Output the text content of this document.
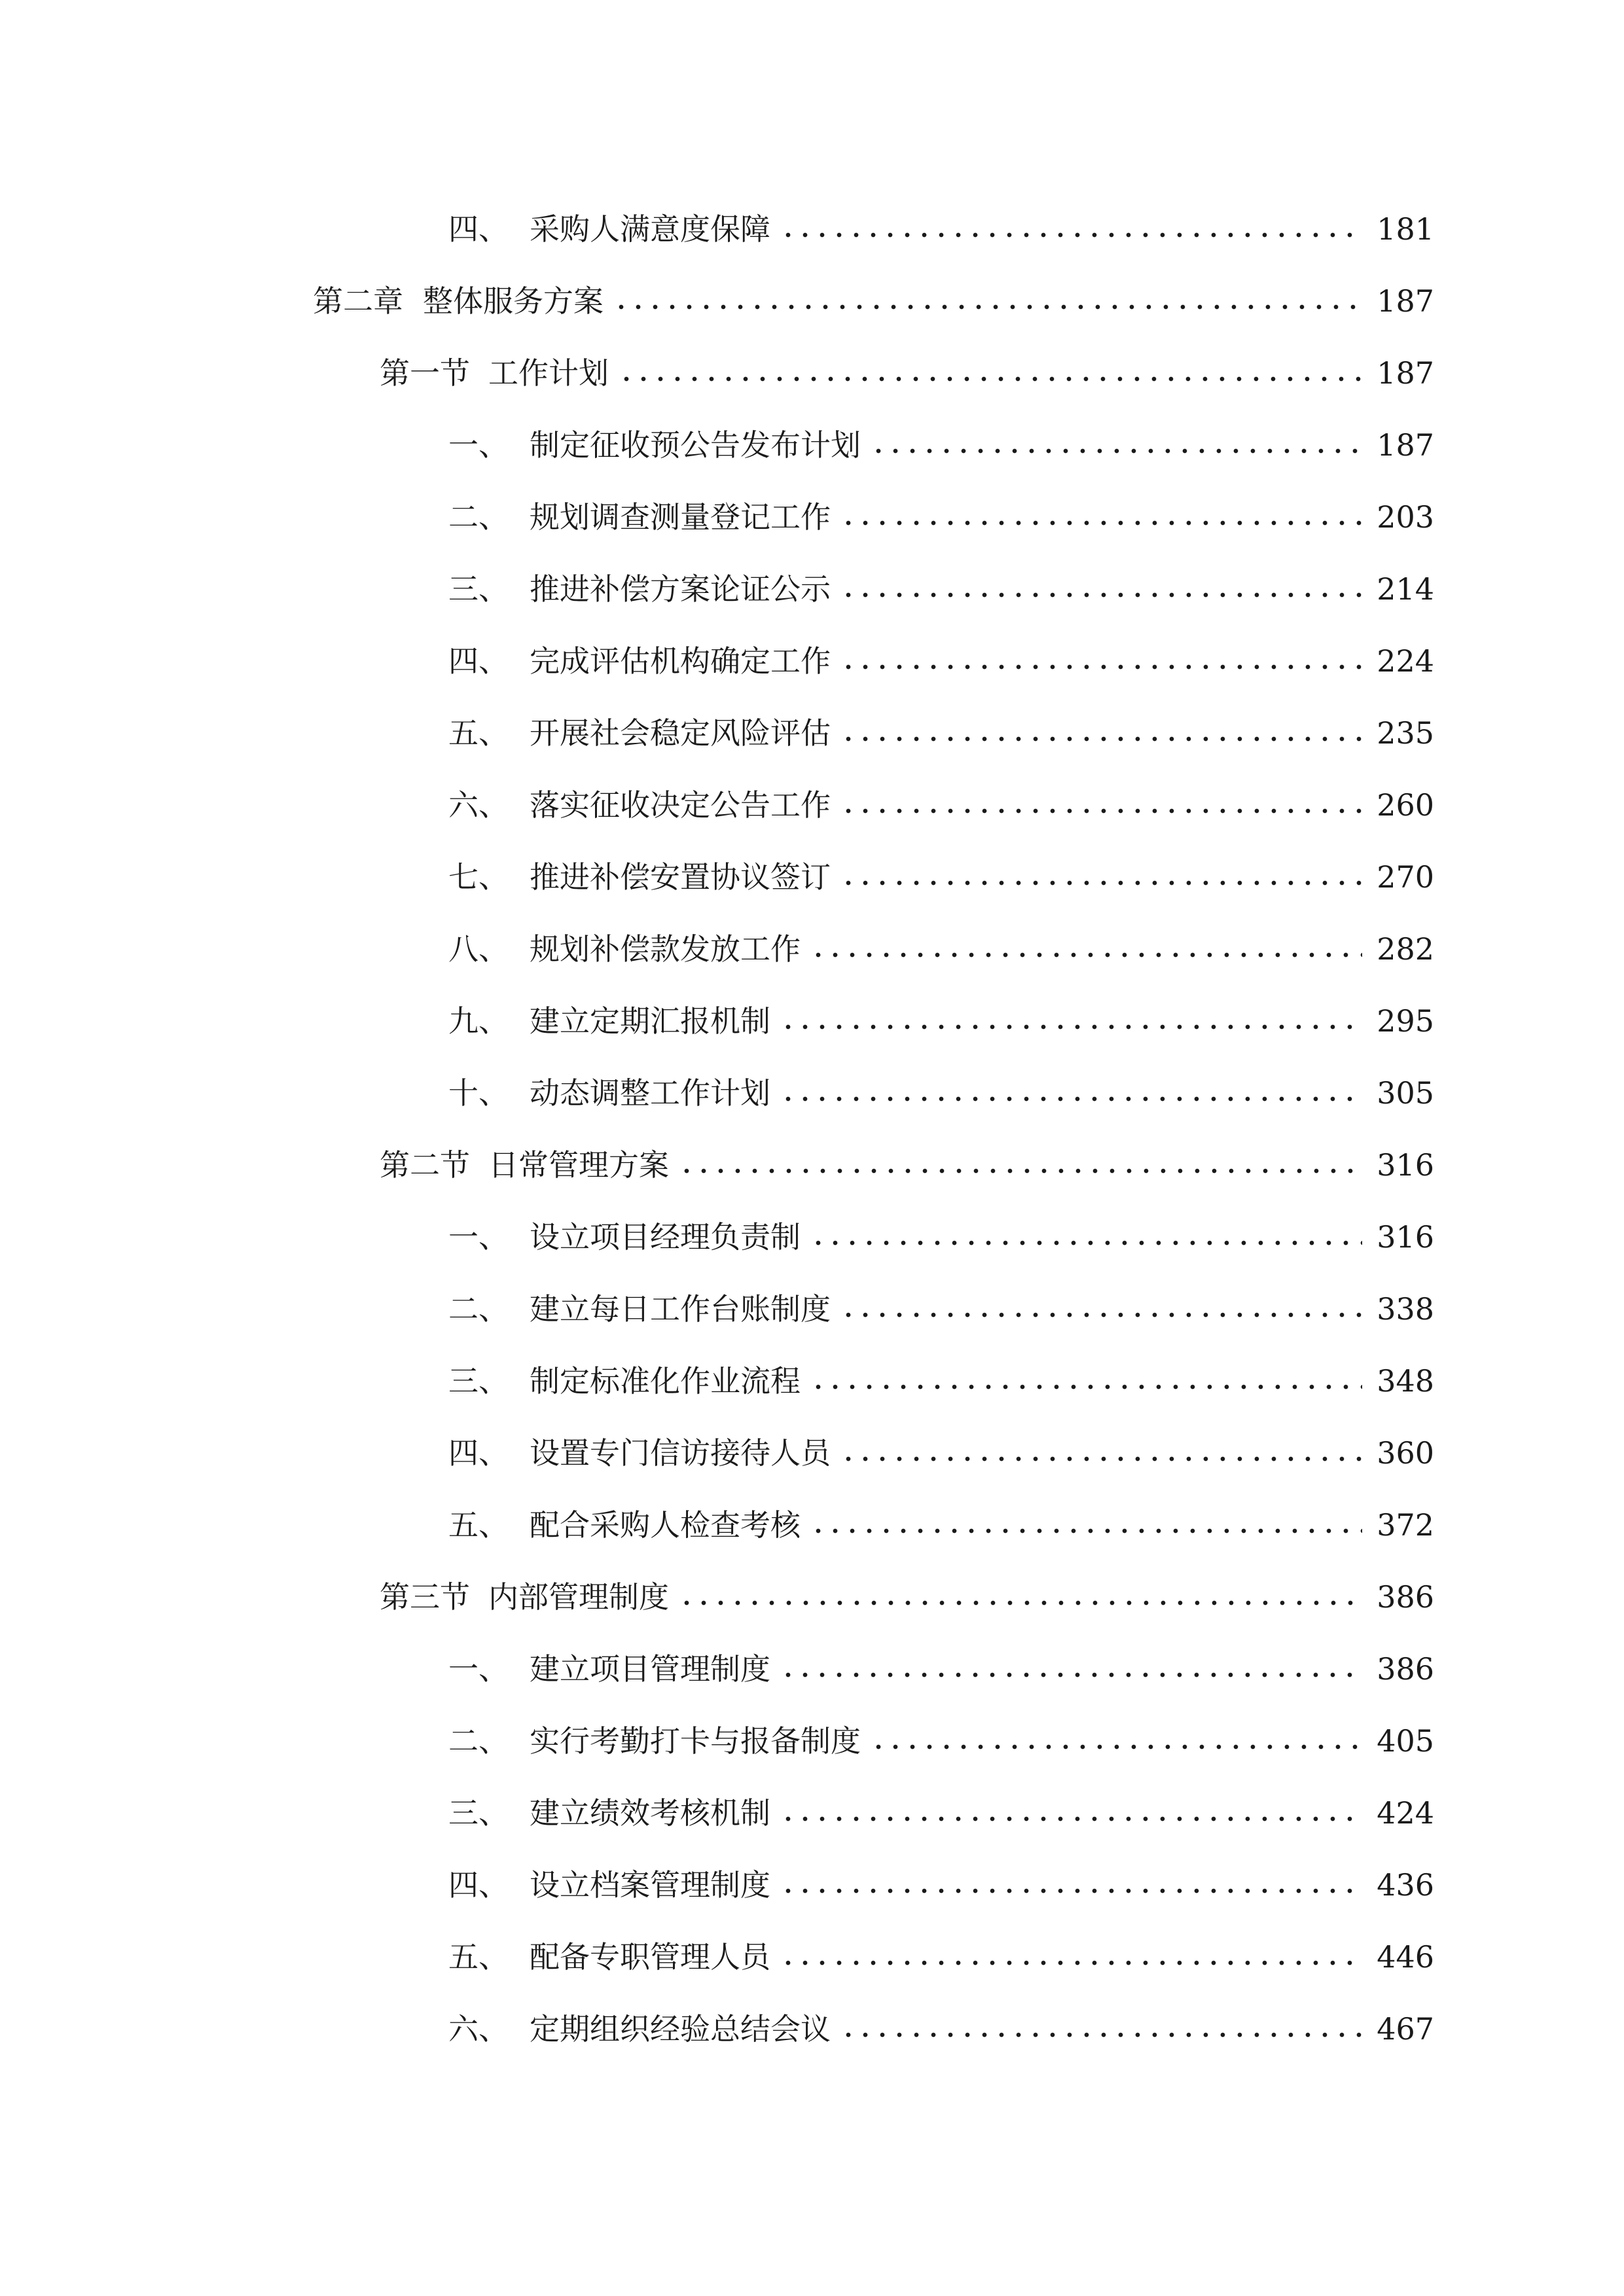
四、 采购人满意度保障	181
第二章 整体服务方案	187
第一节 工作计划	187
一、 制定征收预公告发布计划	187
二、 规划调查测量登记工作	203
三、 推进补偿方案论证公示	214
四、 完成评估机构确定工作	224
五、 开展社会稳定风险评估	235
六、 落实征收决定公告工作	260
七、 推进补偿安置协议签订	270
八、 规划补偿款发放工作	282
九、 建立定期汇报机制	295
十、 动态调整工作计划	305
第二节 日常管理方案	316
一、 设立项目经理负责制	316
二、 建立每日工作台账制度	338
三、 制定标准化作业流程	348
四、 设置专门信访接待人员	360
五、 配合采购人检查考核	372
第三节 内部管理制度	386
一、 建立项目管理制度	386
二、 实行考勤打卡与报备制度	405
三、 建立绩效考核机制	424
四、 设立档案管理制度	436
五、 配备专职管理人员	446
六、 定期组织经验总结会议	467
